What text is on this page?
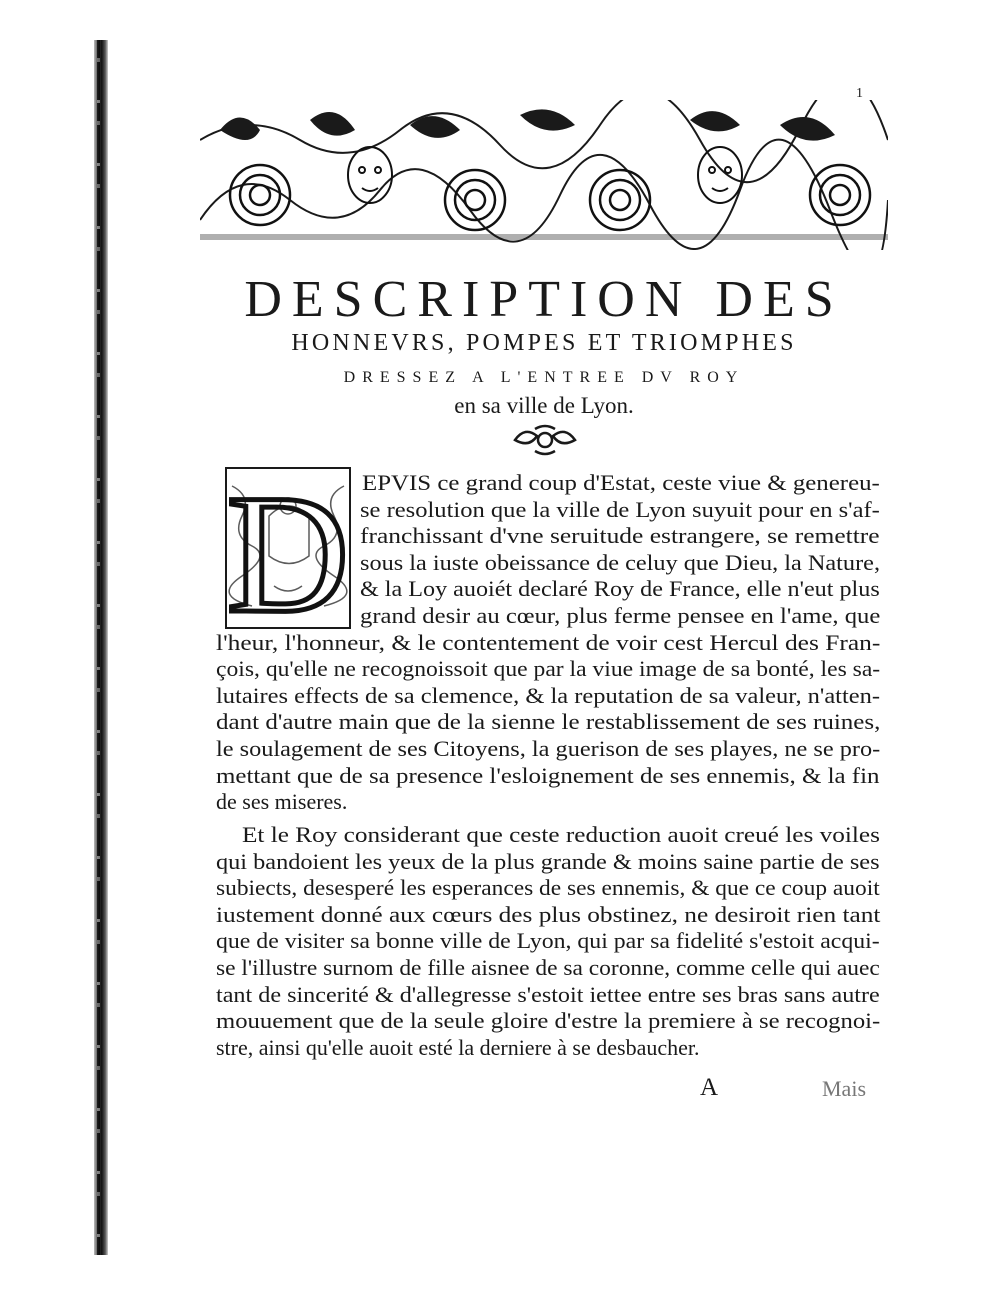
1
DESCRIPTION DES
HONNEVRS, POMPES ET TRIOMPHES
DRESSEZ A L'ENTREE DV ROY
en sa ville de Lyon.
D EPVIS ce grand coup d'Estat, ceste viue & genereu-
se resolution que la ville de Lyon suyuit pour en s'af-
franchissant d'vne seruitude estrangere, se remettre
sous la iuste obeissance de celuy que Dieu, la Nature,
& la Loy auoiét declaré Roy de France, elle n'eut plus
grand desir au cœur, plus ferme pensee en l'ame, que
l'heur, l'honneur, & le contentement de voir cest Hercul des Fran-
çois, qu'elle ne recognoissoit que par la viue image de sa bonté, les sa-
lutaires effects de sa clemence, & la reputation de sa valeur, n'atten-
dant d'autre main que de la sienne le restablissement de ses ruines,
le soulagement de ses Citoyens, la guerison de ses playes, ne se pro-
mettant que de sa presence l'esloignement de ses ennemis, & la fin
de ses miseres.
Et le Roy considerant que ceste reduction auoit creué les voiles
qui bandoient les yeux de la plus grande & moins saine partie de ses
subiects, desesperé les esperances de ses ennemis, & que ce coup auoit
iustement donné aux cœurs des plus obstinez, ne desiroit rien tant
que de visiter sa bonne ville de Lyon, qui par sa fidelité s'estoit acqui-
se l'illustre surnom de fille aisnee de sa coronne, comme celle qui auec
tant de sincerité & d'allegresse s'estoit iettee entre ses bras sans autre
mouuement que de la seule gloire d'estre la premiere à se recognoi-
stre, ainsi qu'elle auoit esté la derniere à se desbaucher.
A	Mais
